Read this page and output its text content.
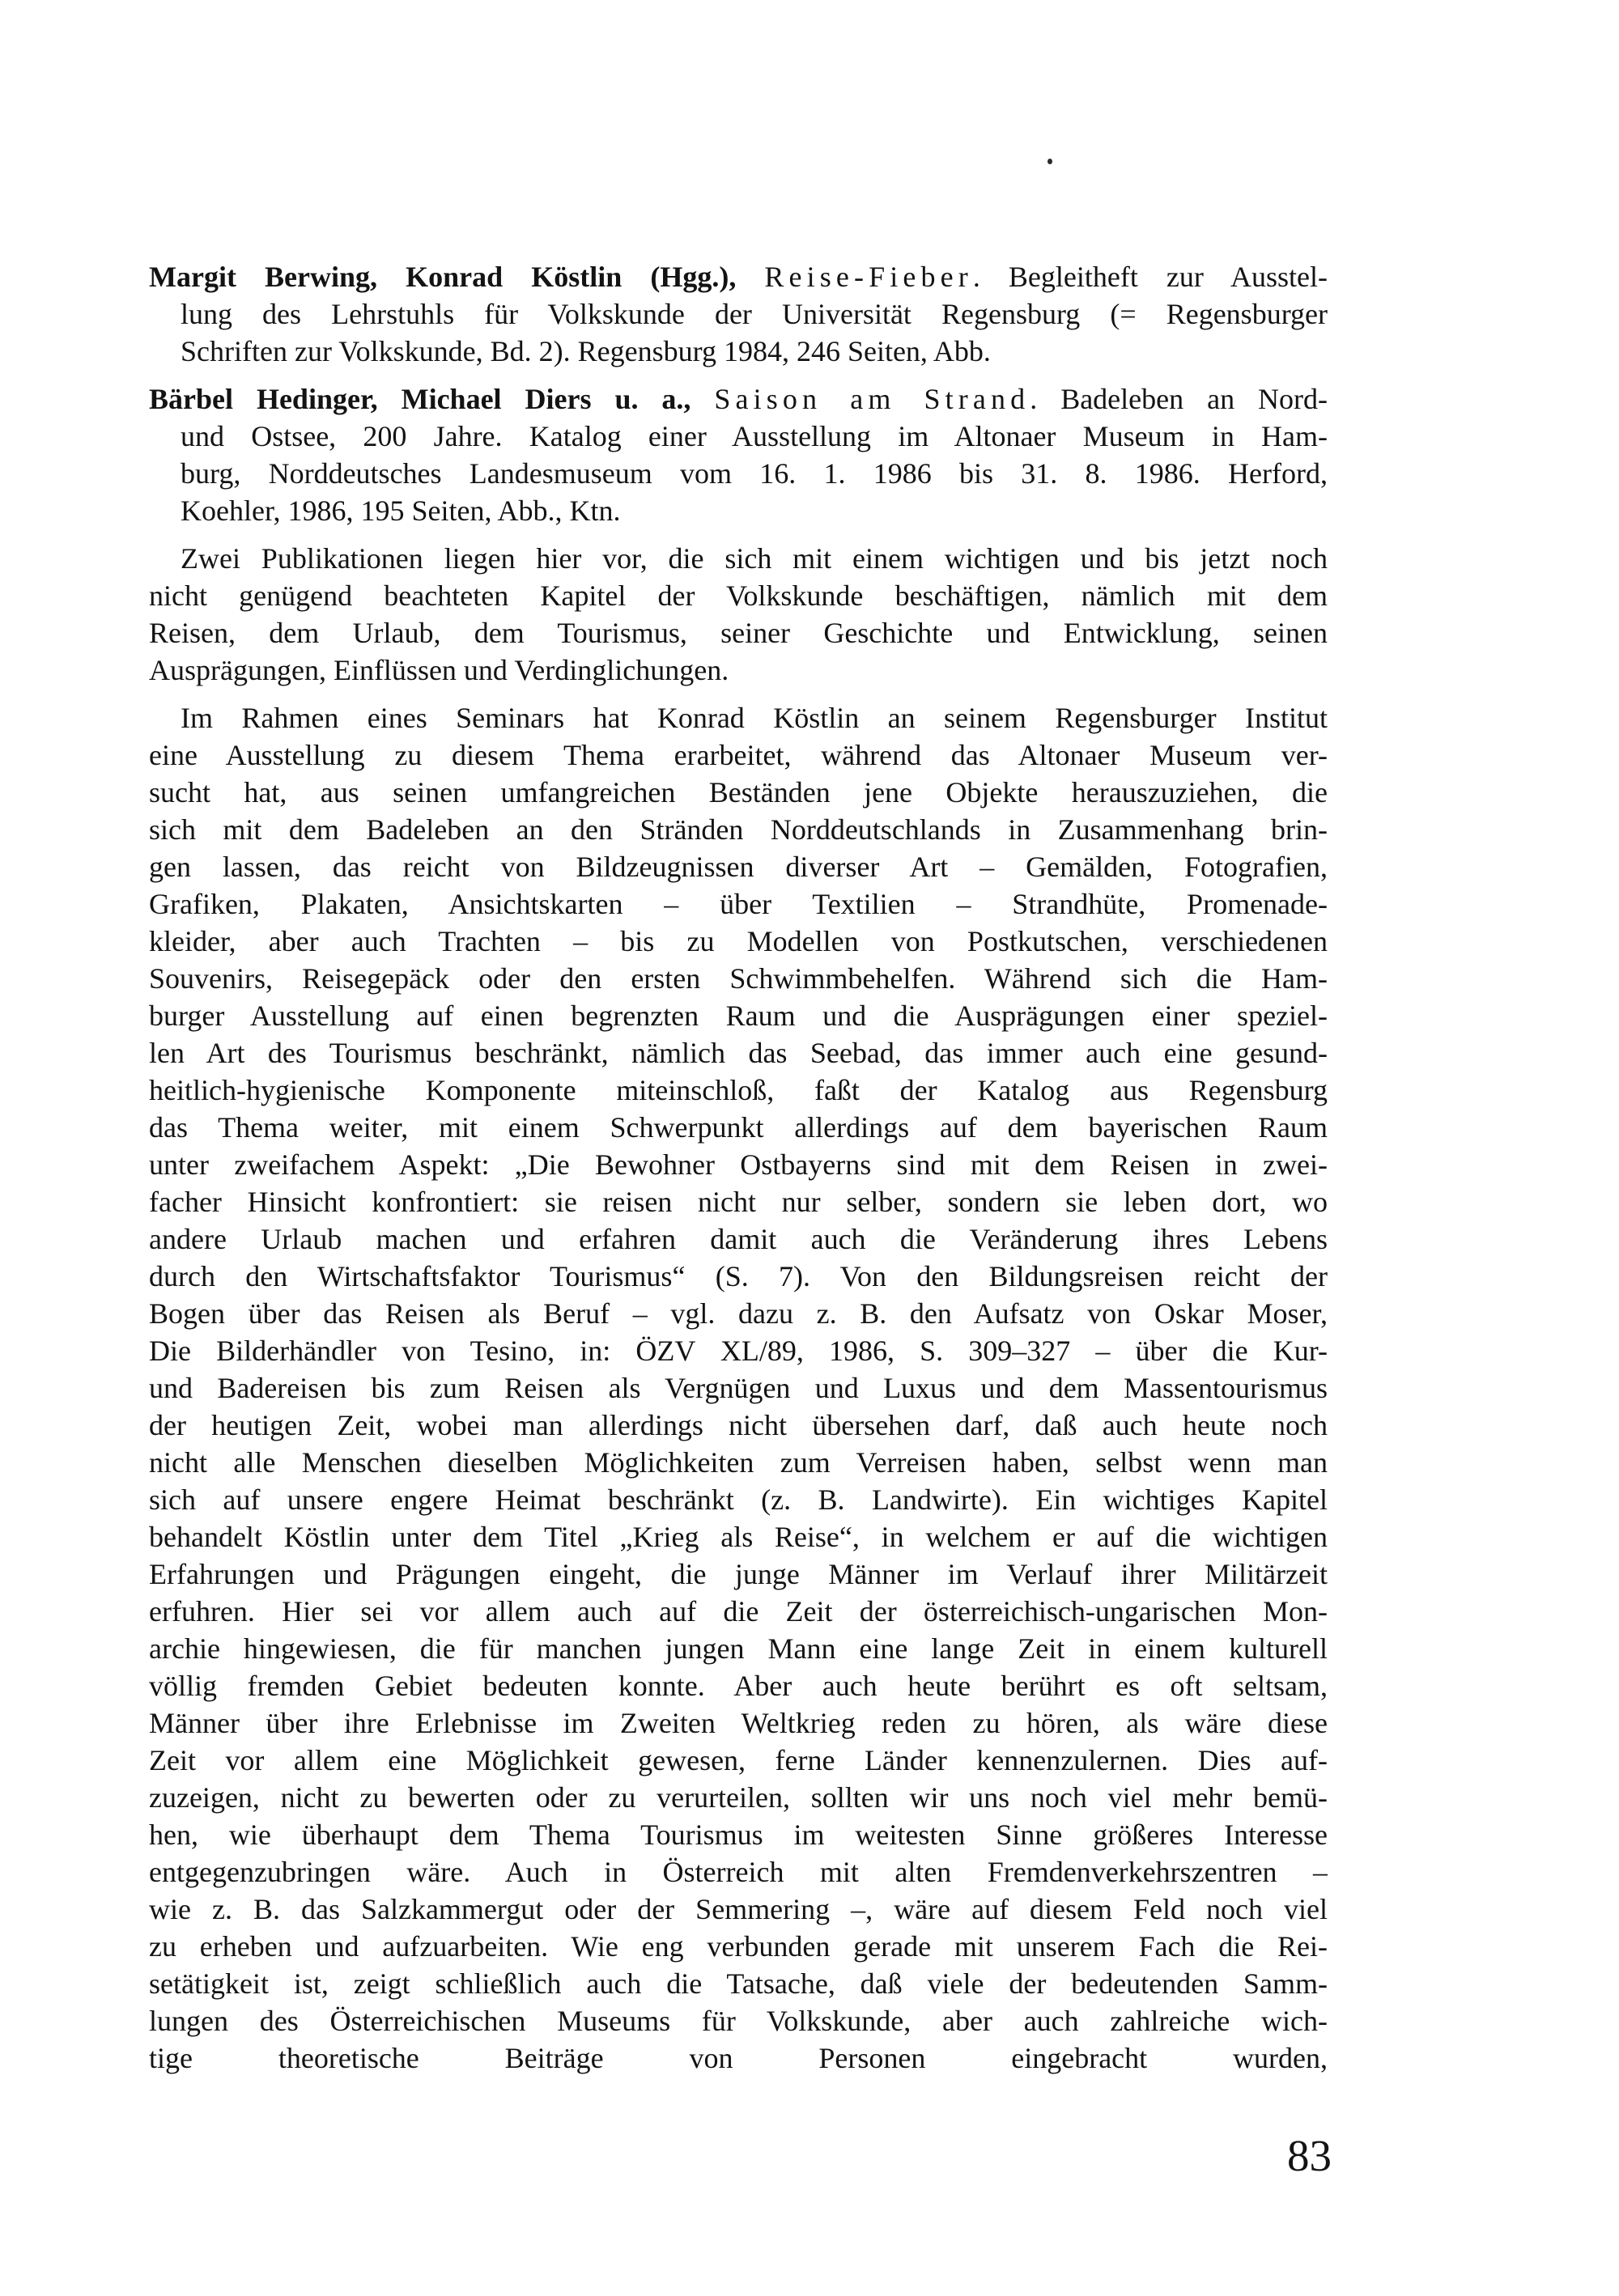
Margit Berwing, Konrad Köstlin (Hgg.), Reise-Fieber. Begleitheft zur Ausstel-
lung des Lehrstuhls für Volkskunde der Universität Regensburg (= Regensburger
Schriften zur Volkskunde, Bd. 2). Regensburg 1984, 246 Seiten, Abb.
Bärbel Hedinger, Michael Diers u. a., Saison am Strand. Badeleben an Nord-
und Ostsee, 200 Jahre. Katalog einer Ausstellung im Altonaer Museum in Ham-
burg, Norddeutsches Landesmuseum vom 16. 1. 1986 bis 31. 8. 1986. Herford,
Koehler, 1986, 195 Seiten, Abb., Ktn.
Zwei Publikationen liegen hier vor, die sich mit einem wichtigen und bis jetzt noch
nicht genügend beachteten Kapitel der Volkskunde beschäftigen, nämlich mit dem
Reisen, dem Urlaub, dem Tourismus, seiner Geschichte und Entwicklung, seinen
Ausprägungen, Einflüssen und Verdinglichungen.
Im Rahmen eines Seminars hat Konrad Köstlin an seinem Regensburger Institut
eine Ausstellung zu diesem Thema erarbeitet, während das Altonaer Museum ver-
sucht hat, aus seinen umfangreichen Beständen jene Objekte herauszuziehen, die
sich mit dem Badeleben an den Stränden Norddeutschlands in Zusammenhang brin-
gen lassen, das reicht von Bildzeugnissen diverser Art – Gemälden, Fotografien,
Grafiken, Plakaten, Ansichtskarten – über Textilien – Strandhüte, Promenade-
kleider, aber auch Trachten – bis zu Modellen von Postkutschen, verschiedenen
Souvenirs, Reisegepäck oder den ersten Schwimmbehelfen. Während sich die Ham-
burger Ausstellung auf einen begrenzten Raum und die Ausprägungen einer speziel-
len Art des Tourismus beschränkt, nämlich das Seebad, das immer auch eine gesund-
heitlich-hygienische Komponente miteinschloß, faßt der Katalog aus Regensburg
das Thema weiter, mit einem Schwerpunkt allerdings auf dem bayerischen Raum
unter zweifachem Aspekt: „Die Bewohner Ostbayerns sind mit dem Reisen in zwei-
facher Hinsicht konfrontiert: sie reisen nicht nur selber, sondern sie leben dort, wo
andere Urlaub machen und erfahren damit auch die Veränderung ihres Lebens
durch den Wirtschaftsfaktor Tourismus“ (S. 7). Von den Bildungsreisen reicht der
Bogen über das Reisen als Beruf – vgl. dazu z. B. den Aufsatz von Oskar Moser,
Die Bilderhändler von Tesino, in: ÖZV XL/89, 1986, S. 309–327 – über die Kur-
und Badereisen bis zum Reisen als Vergnügen und Luxus und dem Massentourismus
der heutigen Zeit, wobei man allerdings nicht übersehen darf, daß auch heute noch
nicht alle Menschen dieselben Möglichkeiten zum Verreisen haben, selbst wenn man
sich auf unsere engere Heimat beschränkt (z. B. Landwirte). Ein wichtiges Kapitel
behandelt Köstlin unter dem Titel „Krieg als Reise“, in welchem er auf die wichtigen
Erfahrungen und Prägungen eingeht, die junge Männer im Verlauf ihrer Militärzeit
erfuhren. Hier sei vor allem auch auf die Zeit der österreichisch-ungarischen Mon-
archie hingewiesen, die für manchen jungen Mann eine lange Zeit in einem kulturell
völlig fremden Gebiet bedeuten konnte. Aber auch heute berührt es oft seltsam,
Männer über ihre Erlebnisse im Zweiten Weltkrieg reden zu hören, als wäre diese
Zeit vor allem eine Möglichkeit gewesen, ferne Länder kennenzulernen. Dies auf-
zuzeigen, nicht zu bewerten oder zu verurteilen, sollten wir uns noch viel mehr bemü-
hen, wie überhaupt dem Thema Tourismus im weitesten Sinne größeres Interesse
entgegenzubringen wäre. Auch in Österreich mit alten Fremdenverkehrszentren –
wie z. B. das Salzkammergut oder der Semmering –, wäre auf diesem Feld noch viel
zu erheben und aufzuarbeiten. Wie eng verbunden gerade mit unserem Fach die Rei-
setätigkeit ist, zeigt schließlich auch die Tatsache, daß viele der bedeutenden Samm-
lungen des Österreichischen Museums für Volkskunde, aber auch zahlreiche wich-
tige theoretische Beiträge von Personen eingebracht wurden,
83
